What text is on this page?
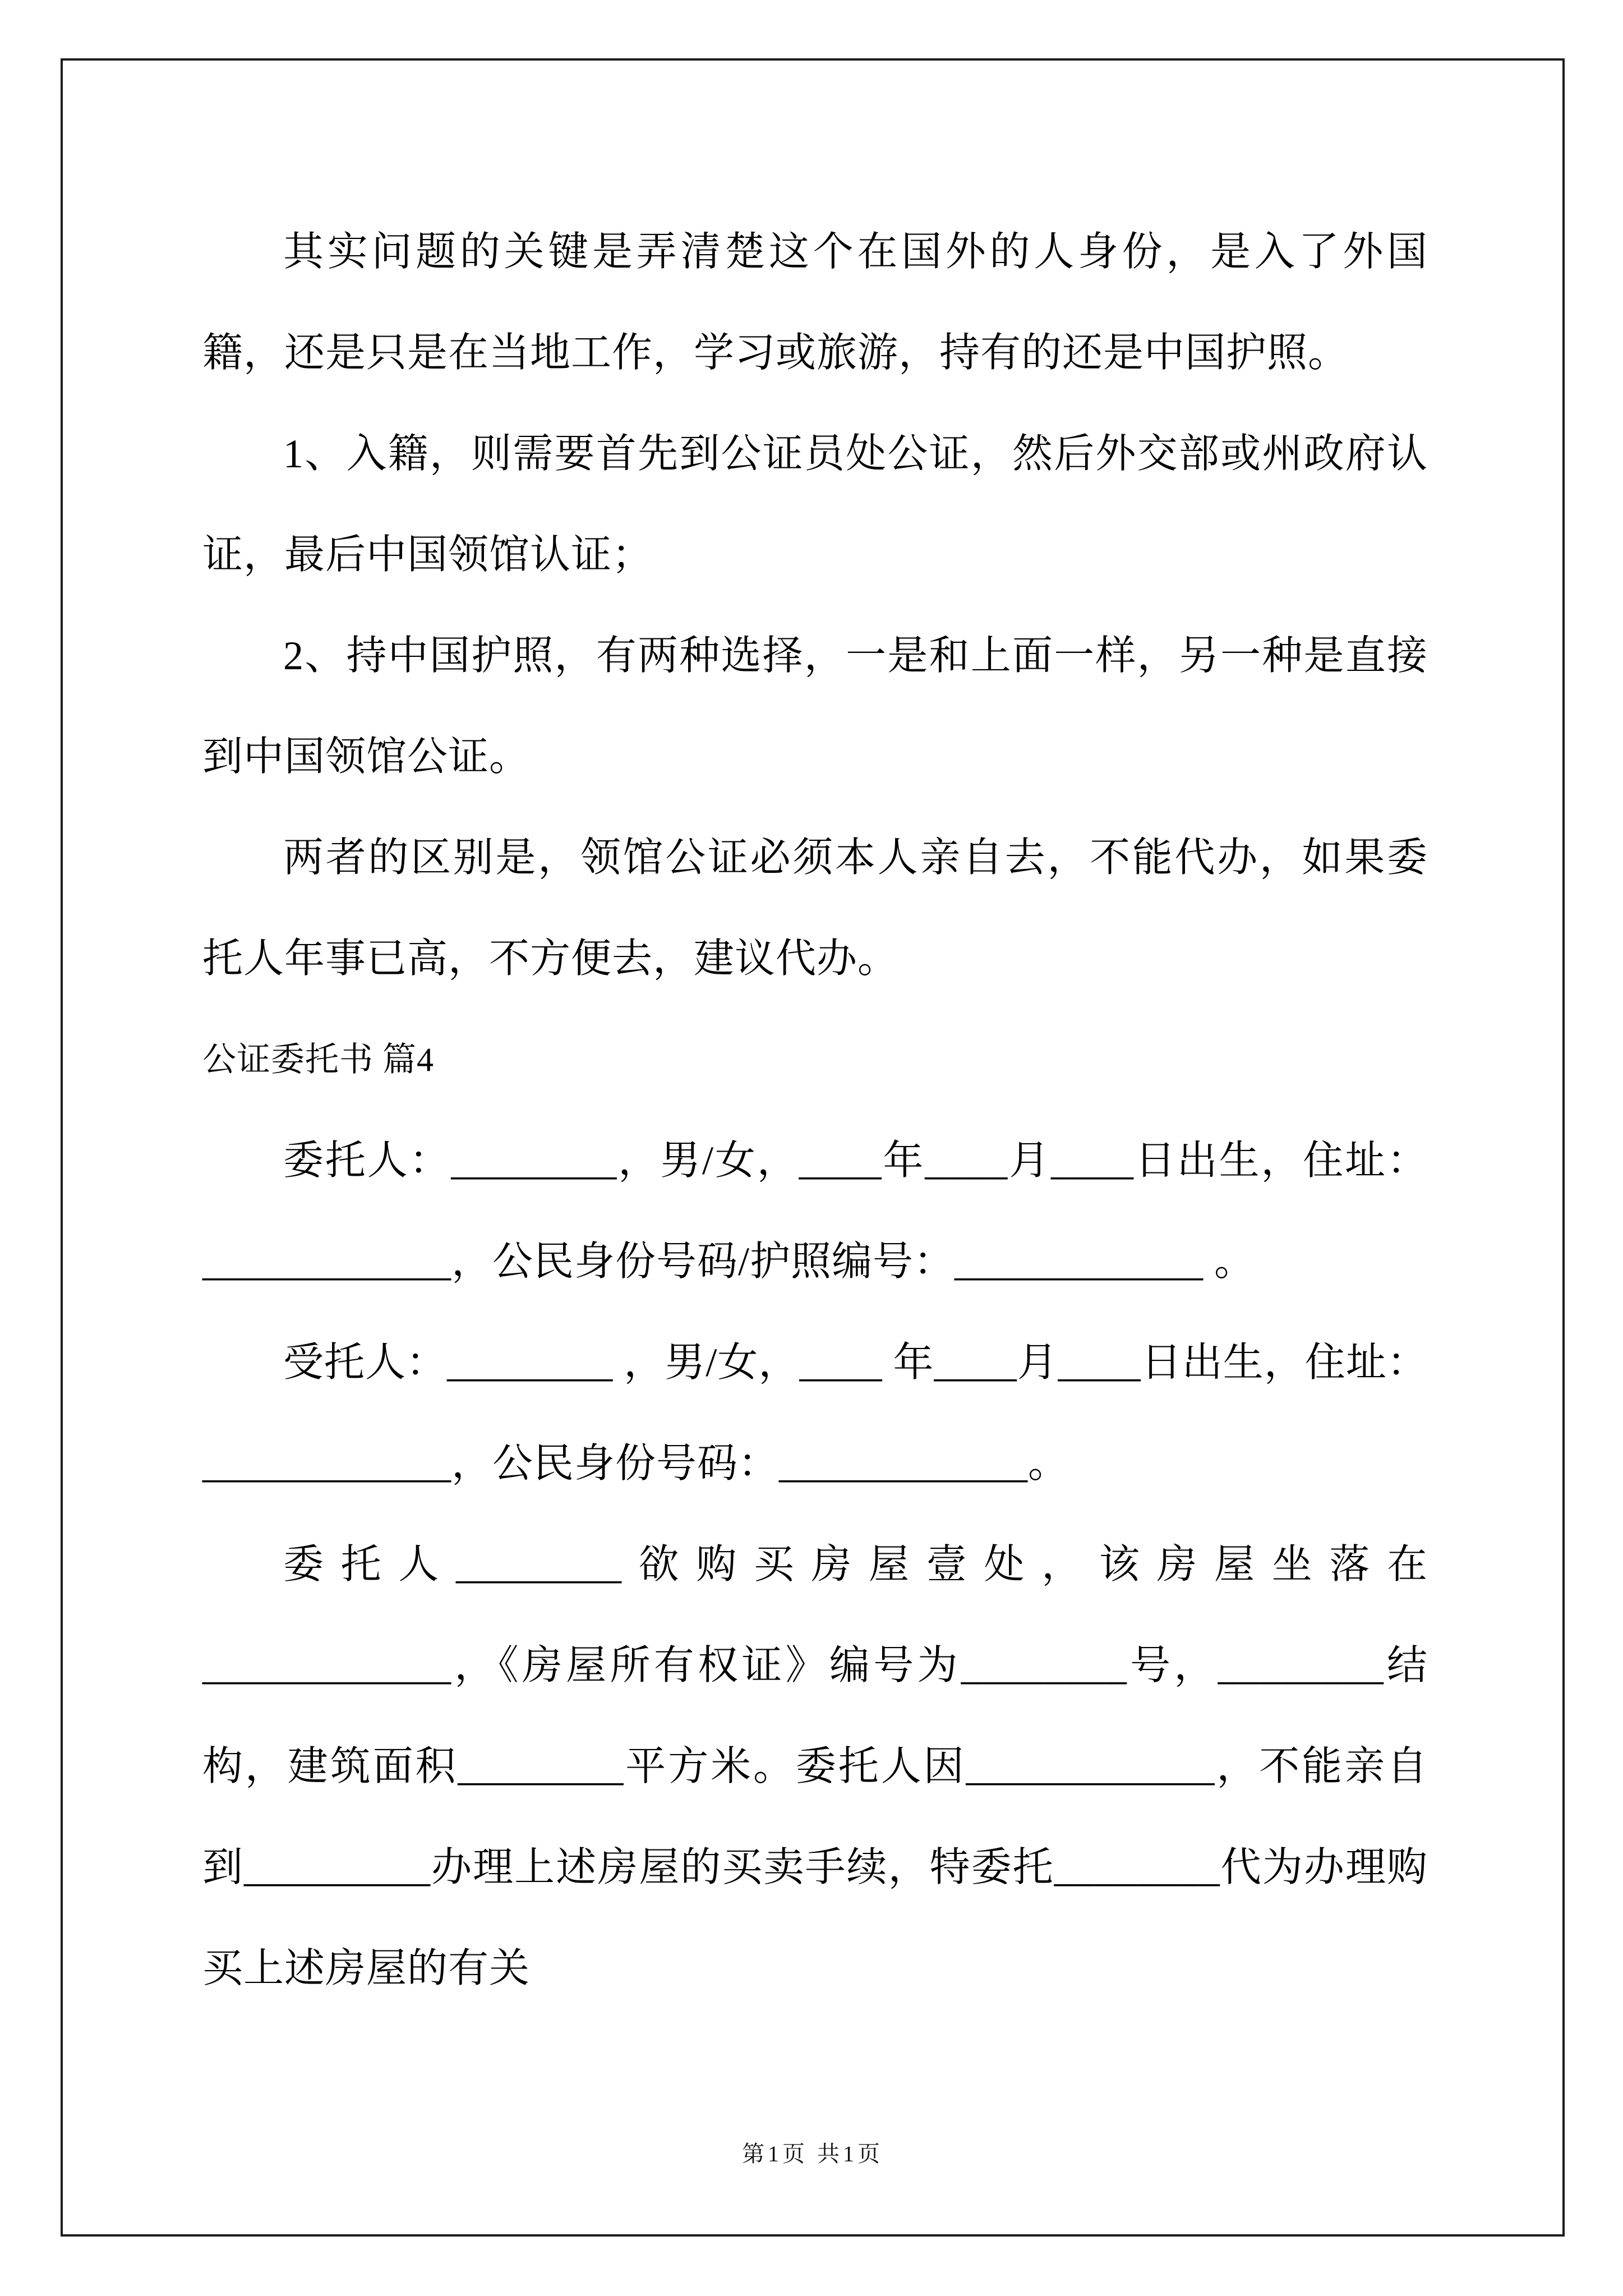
其实问题的关键是弄清楚这个在国外的人身份，是入了外国籍，还是只是在当地工作，学习或旅游，持有的还是中国护照。

1、入籍，则需要首先到公证员处公证，然后外交部或州政府认证，最后中国领馆认证；

2、持中国护照，有两种选择，一是和上面一样，另一种是直接到中国领馆公证。

两者的区别是，领馆公证必须本人亲自去，不能代办，如果委托人年事已高，不方便去，建议代办。

公证委托书 篇4

委托人：________，男/女，____年____月____日出生，住址：____________，公民身份号码/护照编号：____________ 。

受托人：________ ，男/女，____ 年____月____日出生，住址：____________，公民身份号码：____________。

委托人________欲购买房屋壹处，该房屋坐落在____________，《房屋所有权证》编号为________号，________结构，建筑面积________平方米。委托人因____________，不能亲自到_________办理上述房屋的买卖手续，特委托________代为办理购买上述房屋的有关

第1页 共1页
